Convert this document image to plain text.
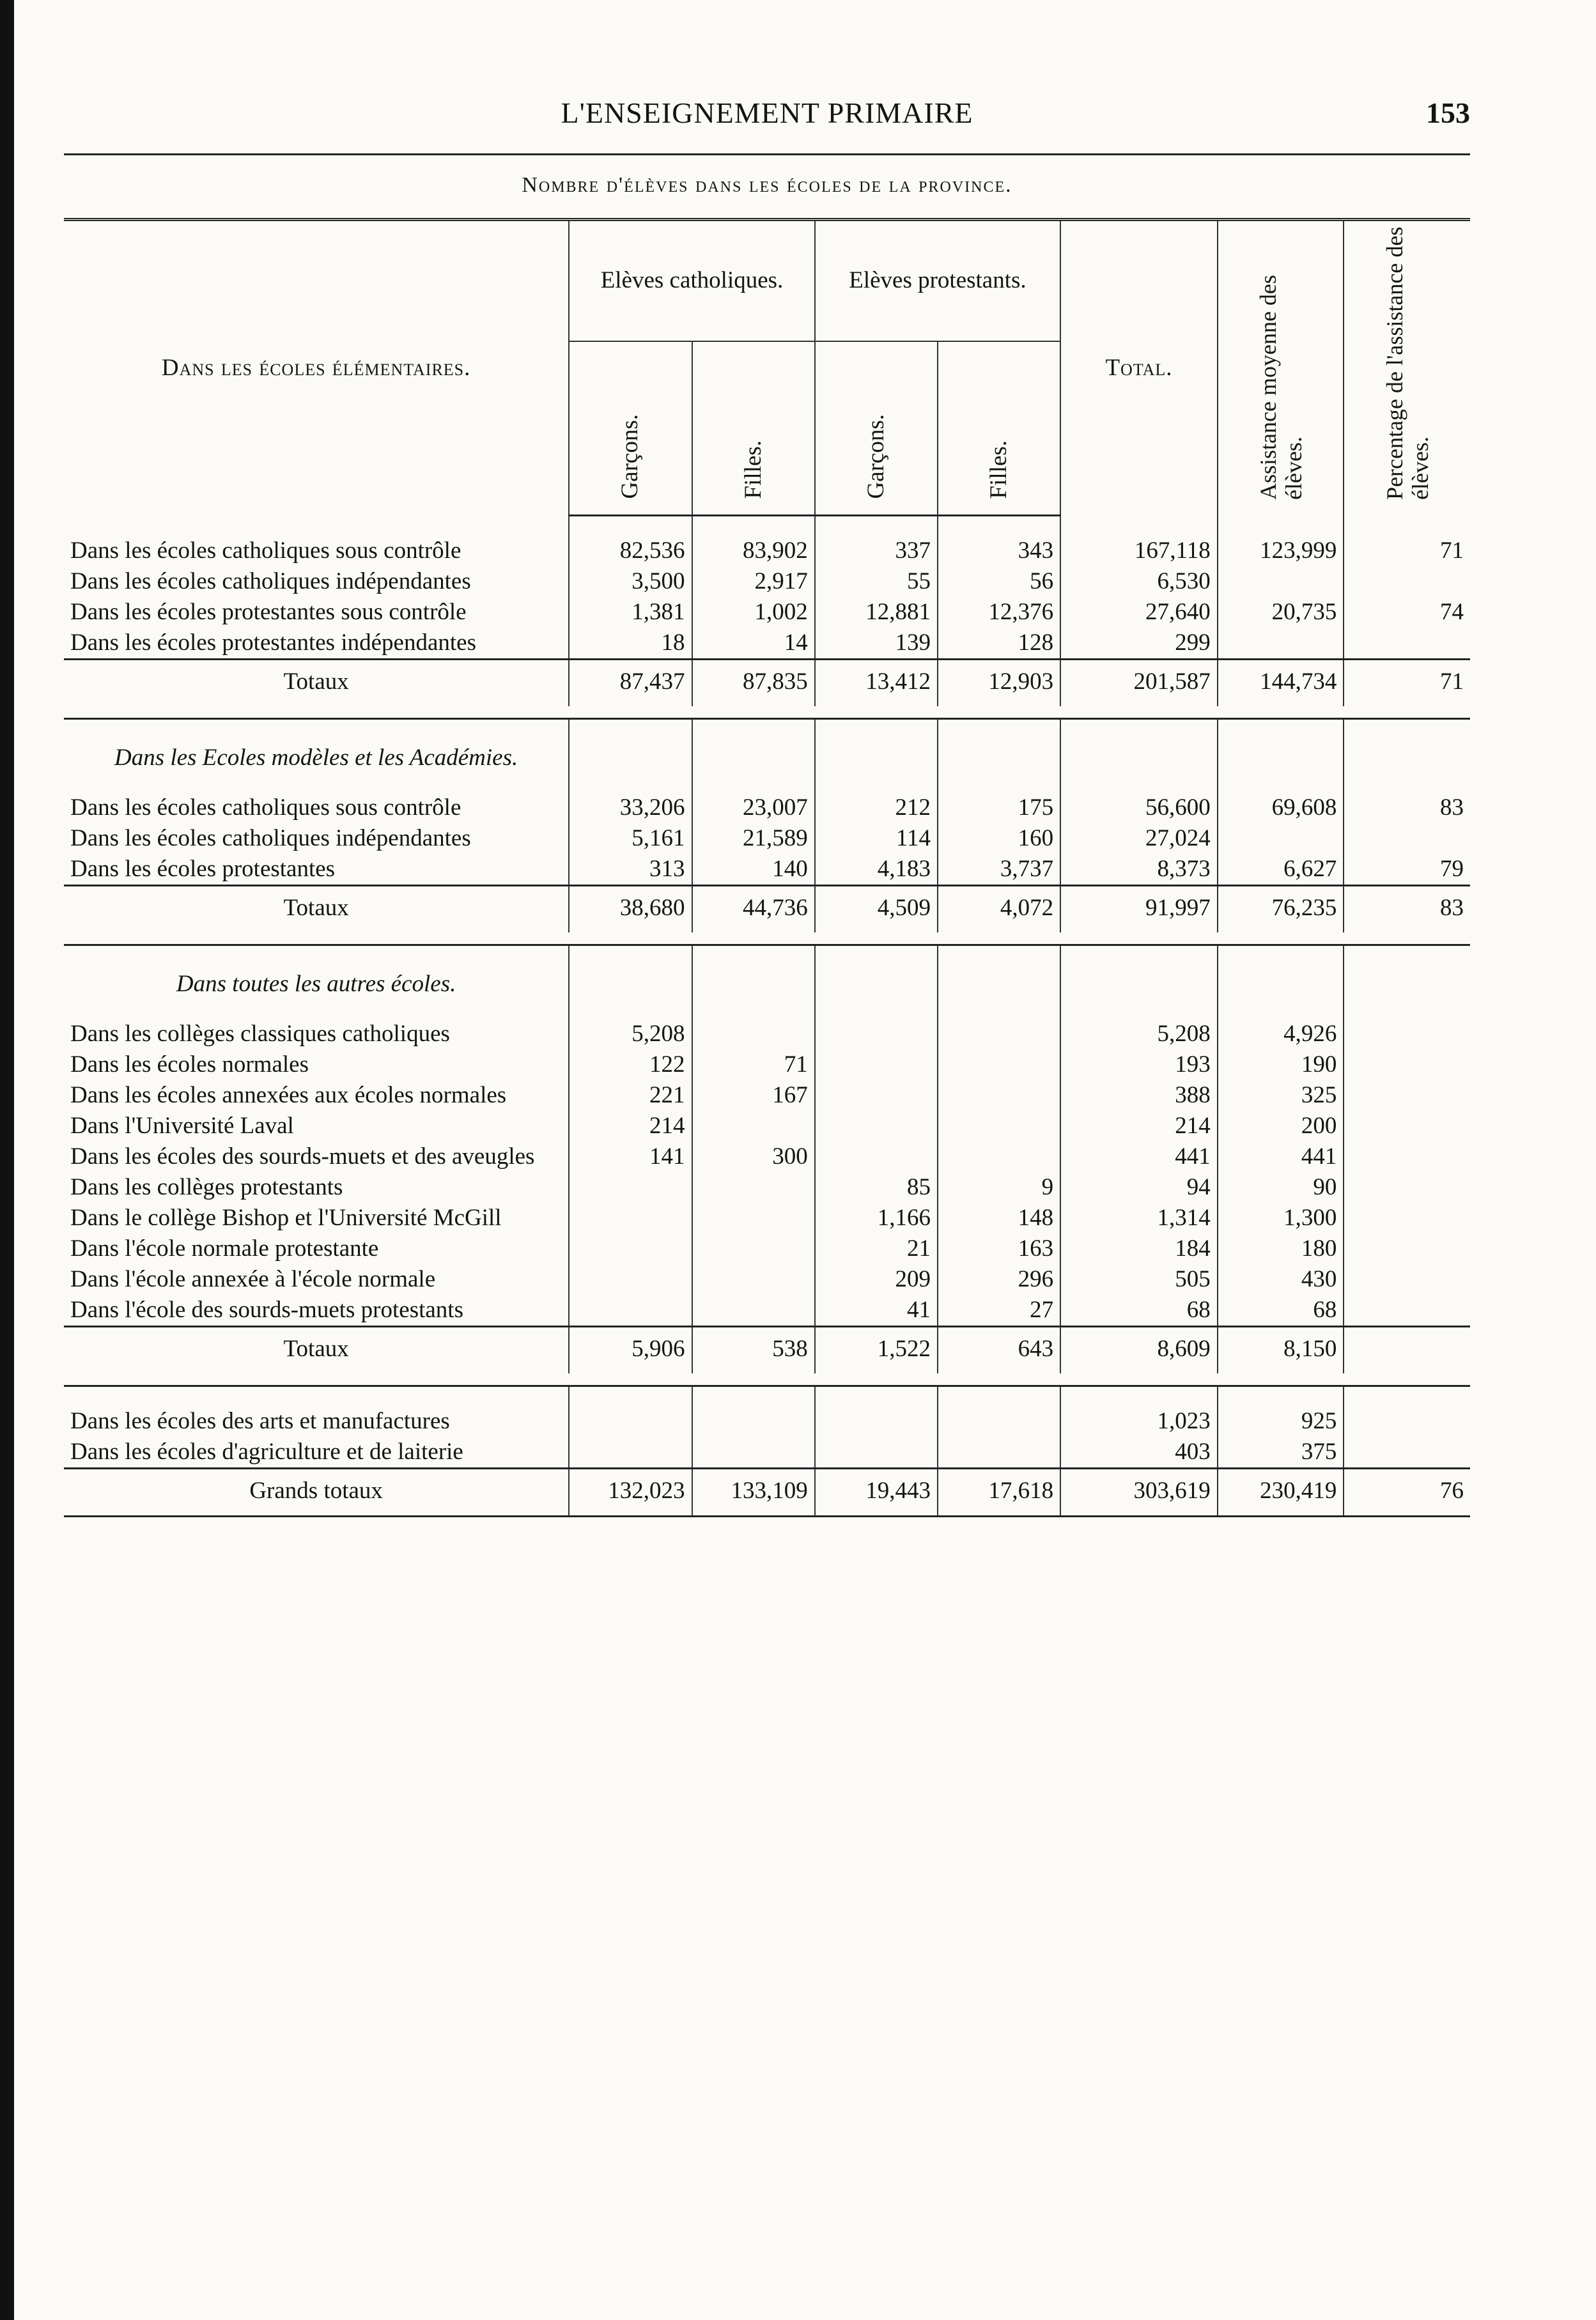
L'ENSEIGNEMENT PRIMAIRE	153
Nombre d'élèves dans les écoles de la province.
Dans les écoles élémentaires.	Elèves catholiques.		Elèves protestants.		Total.	Assistance moyenne des élèves.	Percentage de l'assistance des élèves.

	Garçons.	Filles.	Garçons.	Filles.			

Dans les écoles catholiques sous contrôle	82,536	83,902	337	343	167,118	123,999	71
Dans les écoles catholiques indépendantes	3,500	2,917	55	56	6,530		
Dans les écoles protestantes sous contrôle	1,381	1,002	12,881	12,376	27,640	20,735	74
Dans les écoles protestantes indépendantes	18	14	139	128	299		
Totaux	87,437	87,835	13,412	12,903	201,587	144,734	71

Dans les Ecoles modèles et les Académies.							

Dans les écoles catholiques sous contrôle	33,206	23,007	212	175	56,600	69,608	83
Dans les écoles catholiques indépendantes	5,161	21,589	114	160	27,024		
Dans les écoles protestantes	313	140	4,183	3,737	8,373	6,627	79
Totaux	38,680	44,736	4,509	4,072	91,997	76,235	83

Dans toutes les autres écoles.							

Dans les collèges classiques catholiques	5,208				5,208	4,926	
Dans les écoles normales	122	71			193	190	
Dans les écoles annexées aux écoles normales	221	167			388	325	
Dans l'Université Laval	214				214	200	
Dans les écoles des sourds-muets et des aveugles	141	300			441	441	
Dans les collèges protestants			85	9	94	90	
Dans le collège Bishop et l'Université McGill			1,166	148	1,314	1,300	
Dans l'école normale protestante			21	163	184	180	
Dans l'école annexée à l'école normale			209	296	505	430	
Dans l'école des sourds-muets protestants			41	27	68	68	
Totaux	5,906	538	1,522	643	8,609	8,150	

Dans les écoles des arts et manufactures					1,023	925	
Dans les écoles d'agriculture et de laiterie					403	375	
Grands totaux	132,023	133,109	19,443	17,618	303,619	230,419	76
